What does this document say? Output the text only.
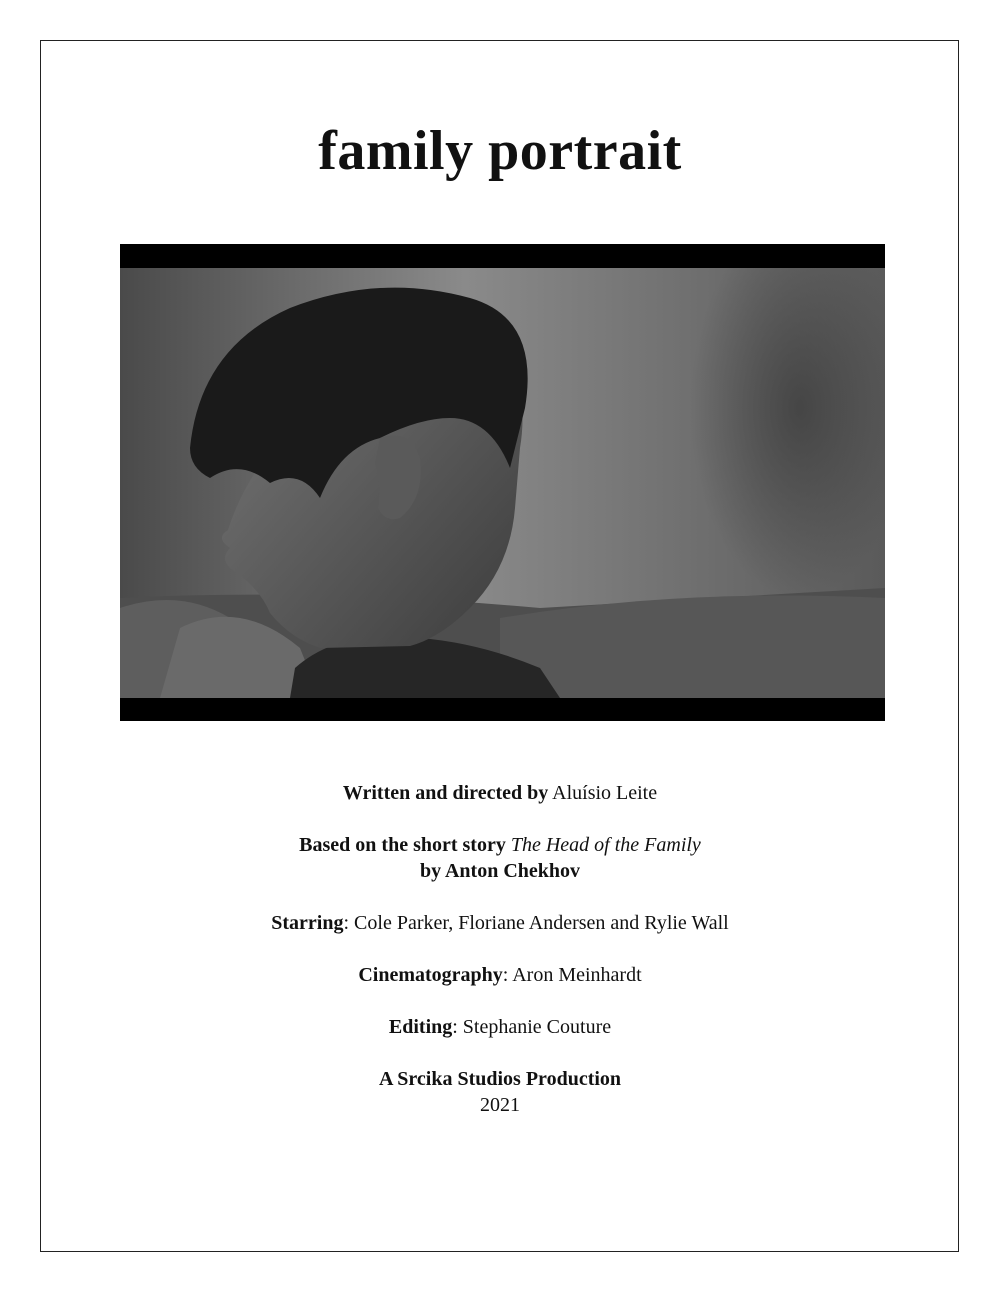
family portrait

Written and directed by Aluísio Leite

Based on the short story The Head of the Family

by Anton Chekhov

Starring: Cole Parker, Floriane Andersen and Rylie Wall

Cinematography: Aron Meinhardt

Editing: Stephanie Couture

A Srcika Studios Production

2021
